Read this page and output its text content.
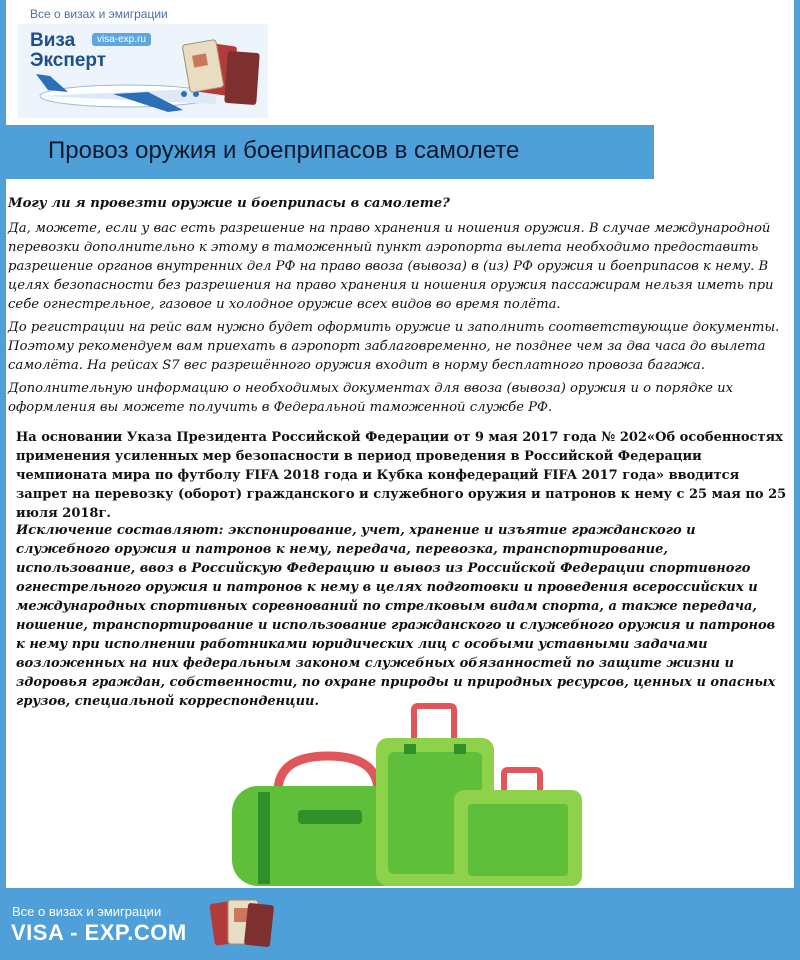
Все о визах и эмиграции
Виза
Эксперт
visa-exp.ru
Провоз оружия и боеприпасов в самолете

Могу ли я провезти оружие и боеприпасы в самолете?

Да, можете, если у вас есть разрешение на право хранения и ношения оружия. В случае международной перевозки дополнительно к этому в таможенный пункт аэропорта вылета необходимо предоставить разрешение органов внутренних дел РФ на право ввоза (вывоза) в (из) РФ оружия и боеприпасов к нему. В целях безопасности без разрешения на право хранения и ношения оружия пассажирам нельзя иметь при себе огнестрельное, газовое и холодное оружие всех видов во время полёта.

До регистрации на рейс вам нужно будет оформить оружие и заполнить соответствующие документы. Поэтому рекомендуем вам приехать в аэропорт заблаговременно, не позднее чем за два часа до вылета самолёта. На рейсах S7 вес разрешённого оружия входит в норму бесплатного провоза багажа.

Дополнительную информацию о необходимых документах для ввоза (вывоза) оружия и о порядке их оформления вы можете получить в Федеральной таможенной службе РФ.

На основании Указа Президента Российской Федерации от 9 мая 2017 года № 202«Об особенностях применения усиленных мер безопасности в период проведения в Российской Федерации чемпионата мира по футболу FIFA 2018 года и Кубка конфедераций FIFA 2017 года» вводится запрет на перевозку (оборот) гражданского и служебного оружия и патронов к нему с 25 мая по 25 июля 2018г.
Исключение составляют: экспонирование, учет, хранение и изъятие гражданского и служебного оружия и патронов к нему, передача, перевозка, транспортирование, использование, ввоз в Российскую Федерацию и вывоз из Российской Федерации спортивного огнестрельного оружия и патронов к нему в целях подготовки и проведения всероссийских и международных спортивных соревнований по стрелковым видам спорта, а также передача, ношение, транспортирование и использование гражданского и служебного оружия и патронов к нему при исполнении работниками юридических лиц с особыми уставными задачами возложенных на них федеральным законом служебных обязанностей по защите жизни и здоровья граждан, собственности, по охране природы и природных ресурсов, ценных и опасных грузов, специальной корреспонденции.
Все о визах и эмиграции
VISA - EXP.COM
